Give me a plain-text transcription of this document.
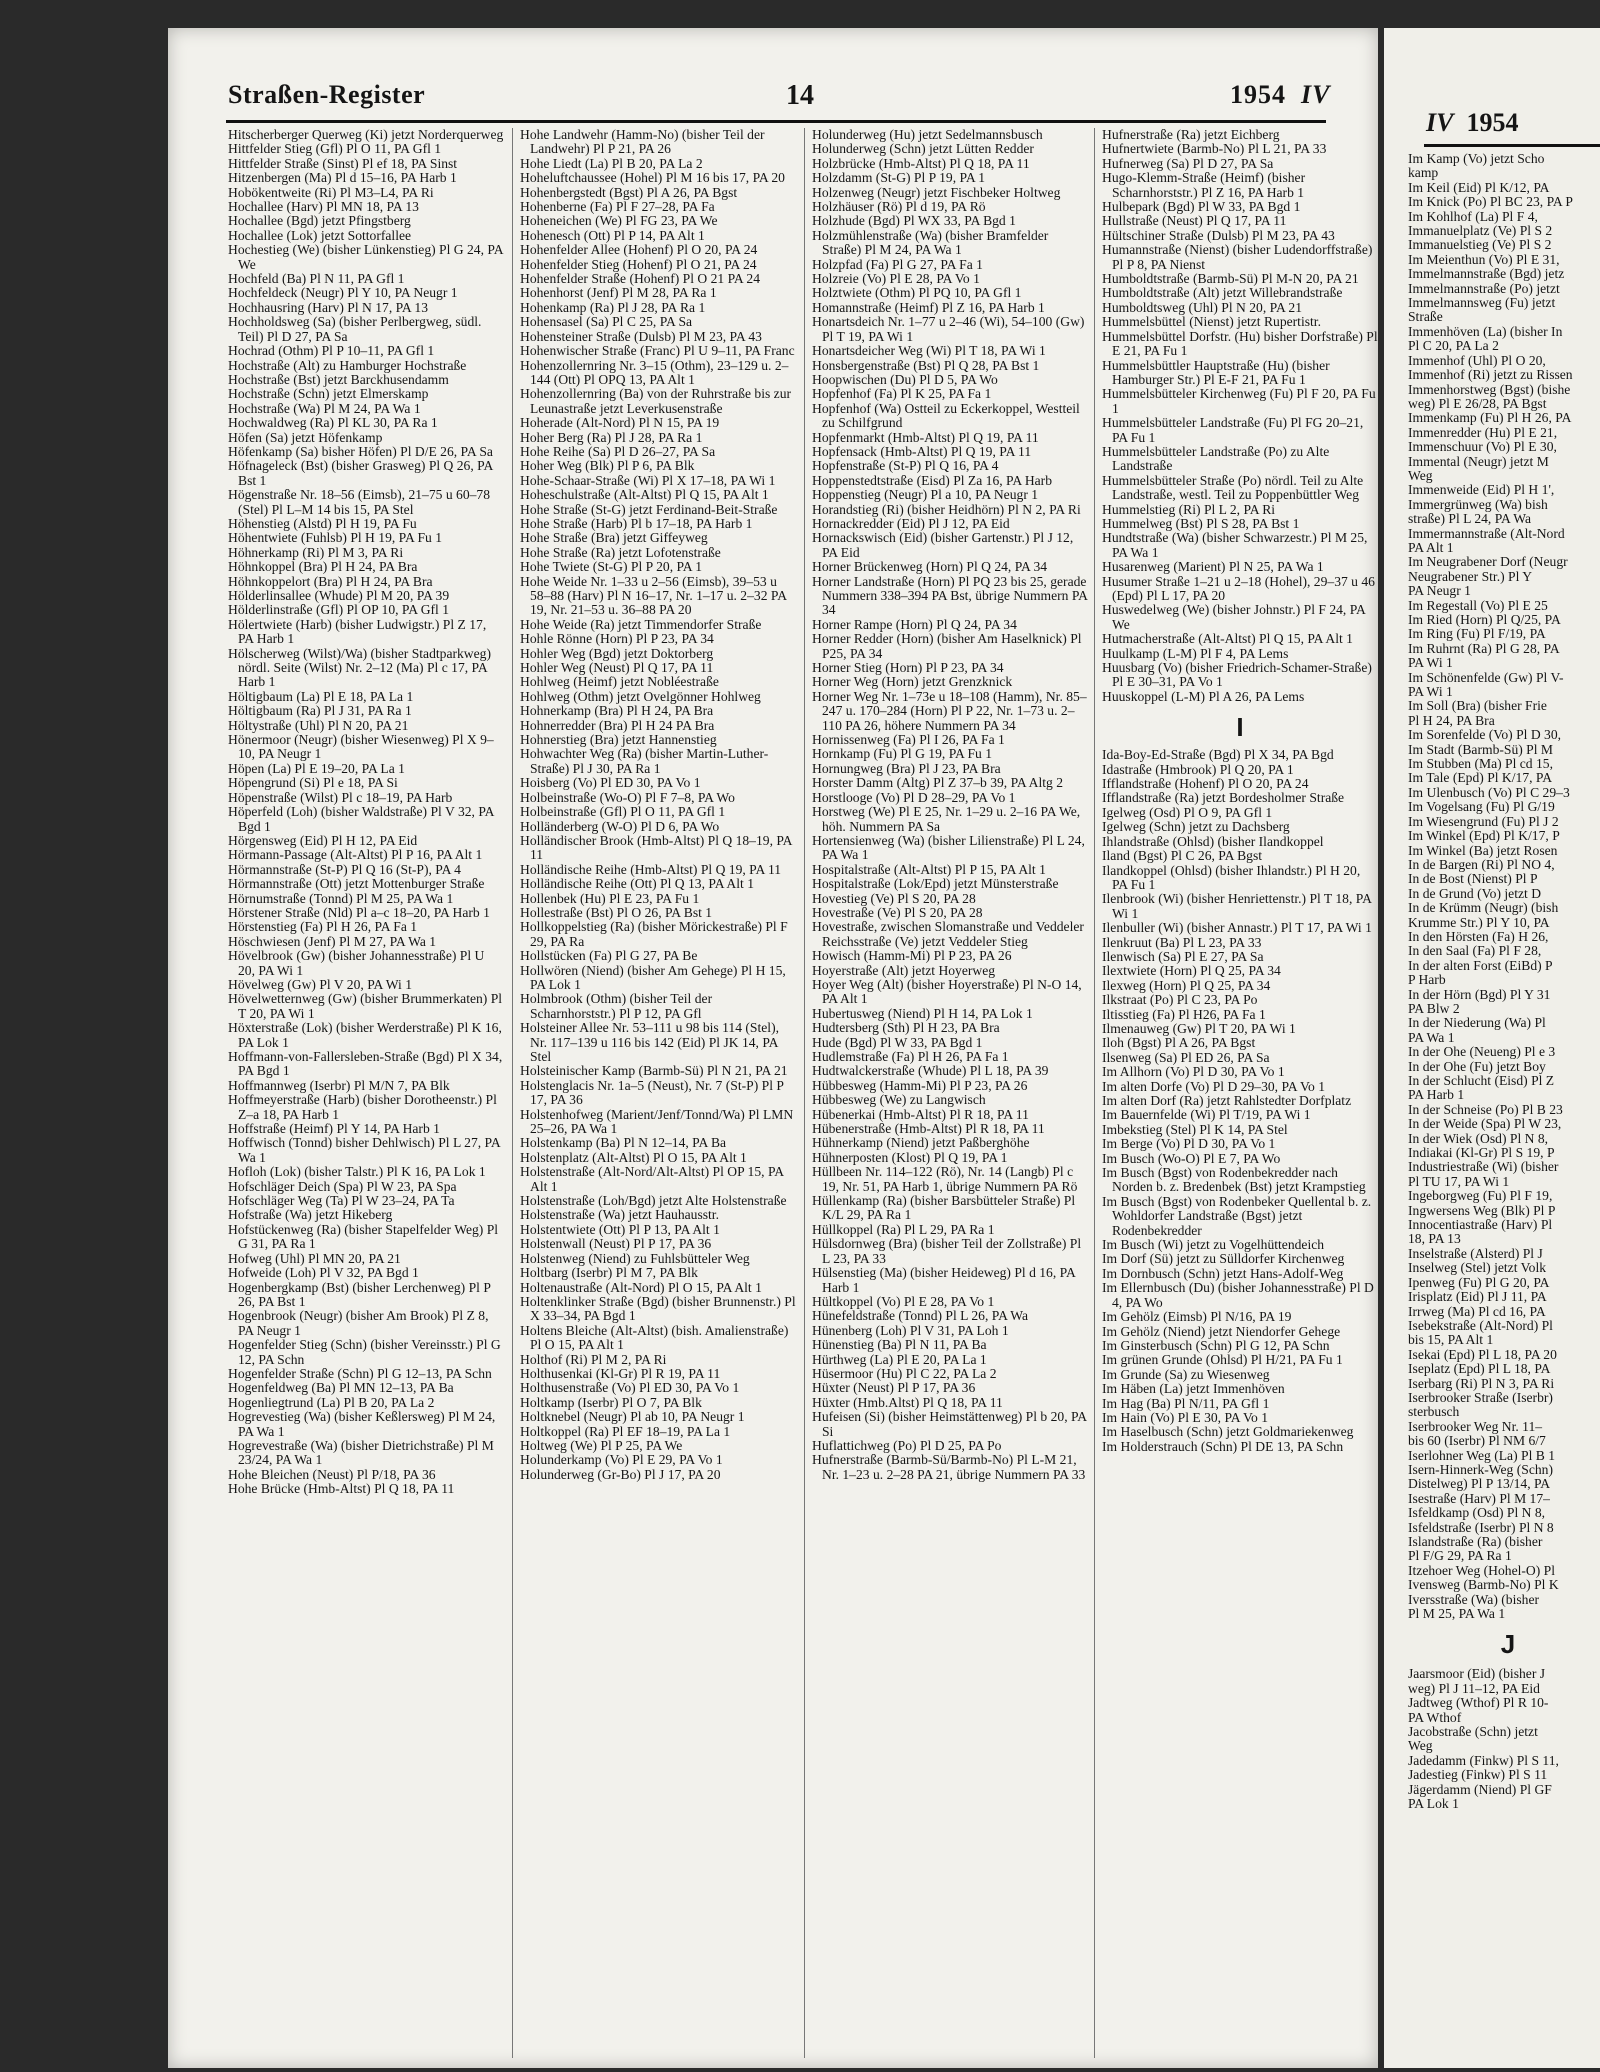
Straßen-Register	14	1954 IV
Hitscherberger Querweg (Ki) jetzt Norderquerweg
Hittfelder Stieg (Gfl) Pl O 11, PA Gfl 1
Hittfelder Straße (Sinst) Pl ef 18, PA Sinst
Hitzenbergen (Ma) Pl d 15–16, PA Harb 1
Hobökentweite (Ri) Pl M3–L4, PA Ri
Hochallee (Harv) Pl MN 18, PA 13
Hochallee (Bgd) jetzt Pfingstberg
Hochallee (Lok) jetzt Sottorfallee
Hochestieg (We) (bisher Lünkenstieg) Pl G 24, PA We
Hochfeld (Ba) Pl N 11, PA Gfl 1
Hochfeldeck (Neugr) Pl Y 10, PA Neugr 1
Hochhausring (Harv) Pl N 17, PA 13
Hochholdsweg (Sa) (bisher Perlbergweg, südl. Teil) Pl D 27, PA Sa
Hochrad (Othm) Pl P 10–11, PA Gfl 1
Hochstraße (Alt) zu Hamburger Hochstraße
Hochstraße (Bst) jetzt Barckhusendamm
Hochstraße (Schn) jetzt Elmerskamp
Hochstraße (Wa) Pl M 24, PA Wa 1
Hochwaldweg (Ra) Pl KL 30, PA Ra 1
Höfen (Sa) jetzt Höfenkamp
Höfenkamp (Sa) bisher Höfen) Pl D/E 26, PA Sa
Höfnageleck (Bst) (bisher Grasweg) Pl Q 26, PA Bst 1
Högenstraße Nr. 18–56 (Eimsb), 21–75 u 60–78 (Stel) Pl L–M 14 bis 15, PA Stel
Höhenstieg (Alstd) Pl H 19, PA Fu
Höhentwiete (Fuhlsb) Pl H 19, PA Fu 1
Höhnerkamp (Ri) Pl M 3, PA Ri
Höhnkoppel (Bra) Pl H 24, PA Bra
Höhnkoppelort (Bra) Pl H 24, PA Bra
Hölderlinsallee (Whude) Pl M 20, PA 39
Hölderlinstraße (Gfl) Pl OP 10, PA Gfl 1
Hölertwiete (Harb) (bisher Ludwigstr.) Pl Z 17, PA Harb 1
Hölscherweg (Wilst)/Wa) (bisher Stadtparkweg) nördl. Seite (Wilst) Nr. 2–12 (Ma) Pl c 17, PA Harb 1
Höltigbaum (La) Pl E 18, PA La 1
Höltigbaum (Ra) Pl J 31, PA Ra 1
Höltystraße (Uhl) Pl N 20, PA 21
Hönermoor (Neugr) (bisher Wiesenweg) Pl X 9–10, PA Neugr 1
Höpen (La) Pl E 19–20, PA La 1
Höpengrund (Si) Pl e 18, PA Si
Höpenstraße (Wilst) Pl c 18–19, PA Harb
Höperfeld (Loh) (bisher Waldstraße) Pl V 32, PA Bgd 1
Hörgensweg (Eid) Pl H 12, PA Eid
Hörmann-Passage (Alt-Altst) Pl P 16, PA Alt 1
Hörmannstraße (St-P) Pl Q 16 (St-P), PA 4
Hörmannstraße (Ott) jetzt Mottenburger Straße
Hörnumstraße (Tonnd) Pl M 25, PA Wa 1
Hörstener Straße (Nld) Pl a–c 18–20, PA Harb 1
Hörstenstieg (Fa) Pl H 26, PA Fa 1
Höschwiesen (Jenf) Pl M 27, PA Wa 1
Hövelbrook (Gw) (bisher Johannesstraße) Pl U 20, PA Wi 1
Hövelweg (Gw) Pl V 20, PA Wi 1
Hövelwetternweg (Gw) (bisher Brummerkaten) Pl T 20, PA Wi 1
Höxterstraße (Lok) (bisher Werderstraße) Pl K 16, PA Lok 1
Hoffmann-von-Fallersleben-Straße (Bgd) Pl X 34, PA Bgd 1
Hoffmannweg (Iserbr) Pl M/N 7, PA Blk
Hoffmeyerstraße (Harb) (bisher Dorotheenstr.) Pl Z–a 18, PA Harb 1
Hoffstraße (Heimf) Pl Y 14, PA Harb 1
Hoffwisch (Tonnd) bisher Dehlwisch) Pl L 27, PA Wa 1
Hofloh (Lok) (bisher Talstr.) Pl K 16, PA Lok 1
Hofschläger Deich (Spa) Pl W 23, PA Spa
Hofschläger Weg (Ta) Pl W 23–24, PA Ta
Hofstraße (Wa) jetzt Hikeberg
Hofstückenweg (Ra) (bisher Stapelfelder Weg) Pl G 31, PA Ra 1
Hofweg (Uhl) Pl MN 20, PA 21
Hofweide (Loh) Pl V 32, PA Bgd 1
Hogenbergkamp (Bst) (bisher Lerchenweg) Pl P 26, PA Bst 1
Hogenbrook (Neugr) (bisher Am Brook) Pl Z 8, PA Neugr 1
Hogenfelder Stieg (Schn) (bisher Vereinsstr.) Pl G 12, PA Schn
Hogenfelder Straße (Schn) Pl G 12–13, PA Schn
Hogenfeldweg (Ba) Pl MN 12–13, PA Ba
Hogenliegtrund (La) Pl B 20, PA La 2
Hogrevestieg (Wa) (bisher Keßlersweg) Pl M 24, PA Wa 1
Hogrevestraße (Wa) (bisher Dietrichstraße) Pl M 23/24, PA Wa 1
Hohe Bleichen (Neust) Pl P/18, PA 36
Hohe Brücke (Hmb-Altst) Pl Q 18, PA 11
Hohe Landwehr (Hamm-No) (bisher Teil der Landwehr) Pl P 21, PA 26
Hohe Liedt (La) Pl B 20, PA La 2
Hoheluftchaussee (Hohel) Pl M 16 bis 17, PA 20
Hohenbergstedt (Bgst) Pl A 26, PA Bgst
Hohenberne (Fa) Pl F 27–28, PA Fa
Hoheneichen (We) Pl FG 23, PA We
Hohenesch (Ott) Pl P 14, PA Alt 1
Hohenfelder Allee (Hohenf) Pl O 20, PA 24
Hohenfelder Stieg (Hohenf) Pl O 21, PA 24
Hohenfelder Straße (Hohenf) Pl O 21 PA 24
Hohenhorst (Jenf) Pl M 28, PA Ra 1
Hohenkamp (Ra) Pl J 28, PA Ra 1
Hohensasel (Sa) Pl C 25, PA Sa
Hohensteiner Straße (Dulsb) Pl M 23, PA 43
Hohenwischer Straße (Franc) Pl U 9–11, PA Franc
Hohenzollernring Nr. 3–15 (Othm), 23–129 u. 2–144 (Ott) Pl OPQ 13, PA Alt 1
Hohenzollernring (Ba) von der Ruhrstraße bis zur Leunastraße jetzt Leverkusenstraße
Hoherade (Alt-Nord) Pl N 15, PA 19
Hoher Berg (Ra) Pl J 28, PA Ra 1
Hohe Reihe (Sa) Pl D 26–27, PA Sa
Hoher Weg (Blk) Pl P 6, PA Blk
Hohe-Schaar-Straße (Wi) Pl X 17–18, PA Wi 1
Hoheschulstraße (Alt-Altst) Pl Q 15, PA Alt 1
Hohe Straße (St-G) jetzt Ferdinand-Beit-Straße
Hohe Straße (Harb) Pl b 17–18, PA Harb 1
Hohe Straße (Bra) jetzt Giffeyweg
Hohe Straße (Ra) jetzt Lofotenstraße
Hohe Twiete (St-G) Pl P 20, PA 1
Hohe Weide Nr. 1–33 u 2–56 (Eimsb), 39–53 u 58–88 (Harv) Pl N 16–17, Nr. 1–17 u. 2–32 PA 19, Nr. 21–53 u. 36–88 PA 20
Hohe Weide (Ra) jetzt Timmendorfer Straße
Hohle Rönne (Horn) Pl P 23, PA 34
Hohler Weg (Bgd) jetzt Doktorberg
Hohler Weg (Neust) Pl Q 17, PA 11
Hohlweg (Heimf) jetzt Nobléestraße
Hohlweg (Othm) jetzt Ovelgönner Hohlweg
Hohnerkamp (Bra) Pl H 24, PA Bra
Hohnerredder (Bra) Pl H 24 PA Bra
Hohnerstieg (Bra) jetzt Hannenstieg
Hohwachter Weg (Ra) (bisher Martin-Luther-Straße) Pl J 30, PA Ra 1
Hoisberg (Vo) Pl ED 30, PA Vo 1
Holbeinstraße (Wo-O) Pl F 7–8, PA Wo
Holbeinstraße (Gfl) Pl O 11, PA Gfl 1
Holländerberg (W-O) Pl D 6, PA Wo
Holländischer Brook (Hmb-Altst) Pl Q 18–19, PA 11
Holländische Reihe (Hmb-Altst) Pl Q 19, PA 11
Holländische Reihe (Ott) Pl Q 13, PA Alt 1
Hollenbek (Hu) Pl E 23, PA Fu 1
Hollestraße (Bst) Pl O 26, PA Bst 1
Hollkoppelstieg (Ra) (bisher Mörickestraße) Pl F 29, PA Ra
Hollstücken (Fa) Pl G 27, PA Be
Hollwören (Niend) (bisher Am Gehege) Pl H 15, PA Lok 1
Holmbrook (Othm) (bisher Teil der Scharnhorststr.) Pl P 12, PA Gfl
Holsteiner Allee Nr. 53–111 u 98 bis 114 (Stel), Nr. 117–139 u 116 bis 142 (Eid) Pl JK 14, PA Stel
Holsteinischer Kamp (Barmb-Sü) Pl N 21, PA 21
Holstenglacis Nr. 1a–5 (Neust), Nr. 7 (St-P) Pl P 17, PA 36
Holstenhofweg (Marient/Jenf/Tonnd/Wa) Pl LMN 25–26, PA Wa 1
Holstenkamp (Ba) Pl N 12–14, PA Ba
Holstenplatz (Alt-Altst) Pl O 15, PA Alt 1
Holstenstraße (Alt-Nord/Alt-Altst) Pl OP 15, PA Alt 1
Holstenstraße (Loh/Bgd) jetzt Alte Holstenstraße
Holstenstraße (Wa) jetzt Hauhausstr.
Holstentwiete (Ott) Pl P 13, PA Alt 1
Holstenwall (Neust) Pl P 17, PA 36
Holstenweg (Niend) zu Fuhlsbütteler Weg
Holtbarg (Iserbr) Pl M 7, PA Blk
Holtenaustraße (Alt-Nord) Pl O 15, PA Alt 1
Holtenklinker Straße (Bgd) (bisher Brunnenstr.) Pl X 33–34, PA Bgd 1
Holtens Bleiche (Alt-Altst) (bish. Amalienstraße) Pl O 15, PA Alt 1
Holthof (Ri) Pl M 2, PA Ri
Holthusenkai (Kl-Gr) Pl R 19, PA 11
Holthusenstraße (Vo) Pl ED 30, PA Vo 1
Holtkamp (Iserbr) Pl O 7, PA Blk
Holtknebel (Neugr) Pl ab 10, PA Neugr 1
Holtkoppel (Ra) Pl EF 18–19, PA La 1
Holtweg (We) Pl P 25, PA We
Holunderkamp (Vo) Pl E 29, PA Vo 1
Holunderweg (Gr-Bo) Pl J 17, PA 20
Holunderweg (Hu) jetzt Sedelmannsbusch
Holunderweg (Schn) jetzt Lütten Redder
Holzbrücke (Hmb-Altst) Pl Q 18, PA 11
Holzdamm (St-G) Pl P 19, PA 1
Holzenweg (Neugr) jetzt Fischbeker Holtweg
Holzhäuser (Rö) Pl d 19, PA Rö
Holzhude (Bgd) Pl WX 33, PA Bgd 1
Holzmühlenstraße (Wa) (bisher Bramfelder Straße) Pl M 24, PA Wa 1
Holzpfad (Fa) Pl G 27, PA Fa 1
Holzreie (Vo) Pl E 28, PA Vo 1
Holztwiete (Othm) Pl PQ 10, PA Gfl 1
Homannstraße (Heimf) Pl Z 16, PA Harb 1
Honartsdeich Nr. 1–77 u 2–46 (Wi), 54–100 (Gw) Pl T 19, PA Wi 1
Honartsdeicher Weg (Wi) Pl T 18, PA Wi 1
Honsbergenstraße (Bst) Pl Q 28, PA Bst 1
Hoopwischen (Du) Pl D 5, PA Wo
Hopfenhof (Fa) Pl K 25, PA Fa 1
Hopfenhof (Wa) Ostteil zu Eckerkoppel, Westteil zu Schilfgrund
Hopfenmarkt (Hmb-Altst) Pl Q 19, PA 11
Hopfensack (Hmb-Altst) Pl Q 19, PA 11
Hopfenstraße (St-P) Pl Q 16, PA 4
Hoppenstedtstraße (Eisd) Pl Za 16, PA Harb
Hoppenstieg (Neugr) Pl a 10, PA Neugr 1
Horandstieg (Ri) (bisher Heidhörn) Pl N 2, PA Ri
Hornackredder (Eid) Pl J 12, PA Eid
Hornackswisch (Eid) (bisher Gartenstr.) Pl J 12, PA Eid
Horner Brückenweg (Horn) Pl Q 24, PA 34
Horner Landstraße (Horn) Pl PQ 23 bis 25, gerade Nummern 338–394 PA Bst, übrige Nummern PA 34
Horner Rampe (Horn) Pl Q 24, PA 34
Horner Redder (Horn) (bisher Am Haselknick) Pl P25, PA 34
Horner Stieg (Horn) Pl P 23, PA 34
Horner Weg (Horn) jetzt Grenzknick
Horner Weg Nr. 1–73e u 18–108 (Hamm), Nr. 85–247 u. 170–284 (Horn) Pl P 22, Nr. 1–73 u. 2–110 PA 26, höhere Nummern PA 34
Hornissenweg (Fa) Pl I 26, PA Fa 1
Hornkamp (Fu) Pl G 19, PA Fu 1
Hornungweg (Bra) Pl J 23, PA Bra
Horster Damm (Altg) Pl Z 37–b 39, PA Altg 2
Horstlooge (Vo) Pl D 28–29, PA Vo 1
Horstweg (We) Pl E 25, Nr. 1–29 u. 2–16 PA We, höh. Nummern PA Sa
Hortensienweg (Wa) (bisher Lilienstraße) Pl L 24, PA Wa 1
Hospitalstraße (Alt-Altst) Pl P 15, PA Alt 1
Hospitalstraße (Lok/Epd) jetzt Münsterstraße
Hovestieg (Ve) Pl S 20, PA 28
Hovestraße (Ve) Pl S 20, PA 28
Hovestraße, zwischen Slomanstraße und Veddeler Reichsstraße (Ve) jetzt Veddeler Stieg
Howisch (Hamm-Mi) Pl P 23, PA 26
Hoyerstraße (Alt) jetzt Hoyerweg
Hoyer Weg (Alt) (bisher Hoyerstraße) Pl N-O 14, PA Alt 1
Hubertusweg (Niend) Pl H 14, PA Lok 1
Hudtersberg (Sth) Pl H 23, PA Bra
Hude (Bgd) Pl W 33, PA Bgd 1
Hudlemstraße (Fa) Pl H 26, PA Fa 1
Hudtwalckerstraße (Whude) Pl L 18, PA 39
Hübbesweg (Hamm-Mi) Pl P 23, PA 26
Hübbesweg (We) zu Langwisch
Hübenerkai (Hmb-Altst) Pl R 18, PA 11
Hübenerstraße (Hmb-Altst) Pl R 18, PA 11
Hühnerkamp (Niend) jetzt Paßberghöhe
Hühnerposten (Klost) Pl Q 19, PA 1
Hüllbeen Nr. 114–122 (Rö), Nr. 14 (Langb) Pl c 19, Nr. 51, PA Harb 1, übrige Nummern PA Rö
Hüllenkamp (Ra) (bisher Barsbütteler Straße) Pl K/L 29, PA Ra 1
Hüllkoppel (Ra) Pl L 29, PA Ra 1
Hülsdornweg (Bra) (bisher Teil der Zollstraße) Pl L 23, PA 33
Hülsenstieg (Ma) (bisher Heideweg) Pl d 16, PA Harb 1
Hültkoppel (Vo) Pl E 28, PA Vo 1
Hünefeldstraße (Tonnd) Pl L 26, PA Wa
Hünenberg (Loh) Pl V 31, PA Loh 1
Hünenstieg (Ba) Pl N 11, PA Ba
Hürthweg (La) Pl E 20, PA La 1
Hüsermoor (Hu) Pl C 22, PA La 2
Hüxter (Neust) Pl P 17, PA 36
Hüxter (Hmb.Altst) Pl Q 18, PA 11
Hufeisen (Si) (bisher Heimstättenweg) Pl b 20, PA Si
Huflattichweg (Po) Pl D 25, PA Po
Hufnerstraße (Barmb-Sü/Barmb-No) Pl L-M 21, Nr. 1–23 u. 2–28 PA 21, übrige Nummern PA 33
Hufnerstraße (Ra) jetzt Eichberg
Hufnertwiete (Barmb-No) Pl L 21, PA 33
Hufnerweg (Sa) Pl D 27, PA Sa
Hugo-Klemm-Straße (Heimf) (bisher Scharnhorststr.) Pl Z 16, PA Harb 1
Hulbepark (Bgd) Pl W 33, PA Bgd 1
Hullstraße (Neust) Pl Q 17, PA 11
Hültschiner Straße (Dulsb) Pl M 23, PA 43
Humannstraße (Nienst) (bisher Ludendorffstraße) Pl P 8, PA Nienst
Humboldtstraße (Barmb-Sü) Pl M-N 20, PA 21
Humboldtstraße (Alt) jetzt Willebrandstraße
Humboldtsweg (Uhl) Pl N 20, PA 21
Hummelsbüttel (Nienst) jetzt Rupertistr.
Hummelsbüttel Dorfstr. (Hu) bisher Dorfstraße) Pl E 21, PA Fu 1
Hummelsbüttler Hauptstraße (Hu) (bisher Hamburger Str.) Pl E-F 21, PA Fu 1
Hummelsbütteler Kirchenweg (Fu) Pl F 20, PA Fu 1
Hummelsbütteler Landstraße (Fu) Pl FG 20–21, PA Fu 1
Hummelsbütteler Landstraße (Po) zu Alte Landstraße
Hummelsbütteler Straße (Po) nördl. Teil zu Alte Landstraße, westl. Teil zu Poppenbüttler Weg
Hummelstieg (Ri) Pl L 2, PA Ri
Hummelweg (Bst) Pl S 28, PA Bst 1
Hundtstraße (Wa) (bisher Schwarzestr.) Pl M 25, PA Wa 1
Husarenweg (Marient) Pl N 25, PA Wa 1
Husumer Straße 1–21 u 2–18 (Hohel), 29–37 u 46 (Epd) Pl L 17, PA 20
Huswedelweg (We) (bisher Johnstr.) Pl F 24, PA We
Hutmacherstraße (Alt-Altst) Pl Q 15, PA Alt 1
Huulkamp (L-M) Pl F 4, PA Lems
Huusbarg (Vo) (bisher Friedrich-Schamer-Straße) Pl E 30–31, PA Vo 1
Huuskoppel (L-M) Pl A 26, PA Lems
I
Ida-Boy-Ed-Straße (Bgd) Pl X 34, PA Bgd
Idastraße (Hmbrook) Pl Q 20, PA 1
Ifflandstraße (Hohenf) Pl O 20, PA 24
Ifflandstraße (Ra) jetzt Bordesholmer Straße
Igelweg (Osd) Pl O 9, PA Gfl 1
Igelweg (Schn) jetzt zu Dachsberg
Ihlandstraße (Ohlsd) (bisher Ilandkoppel
Iland (Bgst) Pl C 26, PA Bgst
Ilandkoppel (Ohlsd) (bisher Ihlandstr.) Pl H 20, PA Fu 1
Ilenbrook (Wi) (bisher Henriettenstr.) Pl T 18, PA Wi 1
Ilenbuller (Wi) (bisher Annastr.) Pl T 17, PA Wi 1
Ilenkruut (Ba) Pl L 23, PA 33
Ilenwisch (Sa) Pl E 27, PA Sa
Ilextwiete (Horn) Pl Q 25, PA 34
Ilexweg (Horn) Pl Q 25, PA 34
Ilkstraat (Po) Pl C 23, PA Po
Iltisstieg (Fa) Pl H26, PA Fa 1
Ilmenauweg (Gw) Pl T 20, PA Wi 1
Iloh (Bgst) Pl A 26, PA Bgst
Ilsenweg (Sa) Pl ED 26, PA Sa
Im Allhorn (Vo) Pl D 30, PA Vo 1
Im alten Dorfe (Vo) Pl D 29–30, PA Vo 1
Im alten Dorf (Ra) jetzt Rahlstedter Dorfplatz
Im Bauernfelde (Wi) Pl T/19, PA Wi 1
Imbekstieg (Stel) Pl K 14, PA Stel
Im Berge (Vo) Pl D 30, PA Vo 1
Im Busch (Wo-O) Pl E 7, PA Wo
Im Busch (Bgst) von Rodenbekredder nach Norden b. z. Bredenbek (Bst) jetzt Krampstieg
Im Busch (Bgst) von Rodenbeker Quellental b. z. Wohldorfer Landstraße (Bgst) jetzt Rodenbekredder
Im Busch (Wi) jetzt zu Vogelhüttendeich
Im Dorf (Sü) jetzt zu Sülldorfer Kirchenweg
Im Dornbusch (Schn) jetzt Hans-Adolf-Weg
Im Ellernbusch (Du) (bisher Johannesstraße) Pl D 4, PA Wo
Im Gehölz (Eimsb) Pl N/16, PA 19
Im Gehölz (Niend) jetzt Niendorfer Gehege
Im Ginsterbusch (Schn) Pl G 12, PA Schn
Im grünen Grunde (Ohlsd) Pl H/21, PA Fu 1
Im Grunde (Sa) zu Wiesenweg
Im Häben (La) jetzt Immenhöven
Im Hag (Ba) Pl N/11, PA Gfl 1
Im Hain (Vo) Pl E 30, PA Vo 1
Im Haselbusch (Schn) jetzt Goldmariekenweg
Im Holderstrauch (Schn) Pl DE 13, PA Schn
IV 1954
Im Kamp (Vo) jetzt Scho
kamp
Im Keil (Eid) Pl K/12, PA
Im Knick (Po) Pl BC 23, PA P
Im Kohlhof (La) Pl F 4,
Immanuelplatz (Ve) Pl S 2
Immanuelstieg (Ve) Pl S 2
Im Meienthun (Vo) Pl E 31,
Immelmannstraße (Bgd) jetz
Immelmannstraße (Po) jetzt
Immelmannsweg (Fu) jetzt
Straße
Immenhöven (La) (bisher In
Pl C 20, PA La 2
Immenhof (Uhl) Pl O 20,
Immenhof (Ri) jetzt zu Rissen
Immenhorstweg (Bgst) (bishe
weg) Pl E 26/28, PA Bgst
Immenkamp (Fu) Pl H 26, PA
Immenredder (Hu) Pl E 21,
Immenschuur (Vo) Pl E 30,
Immental (Neugr) jetzt M
Weg
Immenweide (Eid) Pl H 1',
Immergrünweg (Wa) bish
straße) Pl L 24, PA Wa
Immermannstraße (Alt-Nord
PA Alt 1
Im Neugrabener Dorf (Neugr
Neugrabener Str.) Pl Y
PA Neugr 1
Im Regestall (Vo) Pl E 25
Im Ried (Horn) Pl Q/25, PA
Im Ring (Fu) Pl F/19, PA
Im Ruhrnt (Ra) Pl G 28, PA
PA Wi 1
Im Schönenfelde (Gw) Pl V-
PA Wi 1
Im Soll (Bra) (bisher Frie
Pl H 24, PA Bra
Im Sorenfelde (Vo) Pl D 30,
Im Stadt (Barmb-Sü) Pl M
Im Stubben (Ma) Pl cd 15,
Im Tale (Epd) Pl K/17, PA
Im Ulenbusch (Vo) Pl C 29–3
Im Vogelsang (Fu) Pl G/19
Im Wiesengrund (Fu) Pl J 2
Im Winkel (Epd) Pl K/17, P
Im Winkel (Ba) jetzt Rosen
In de Bargen (Ri) Pl NO 4,
In de Bost (Nienst) Pl P
In de Grund (Vo) jetzt D
In de Krümm (Neugr) (bish
Krumme Str.) Pl Y 10, PA
In den Hörsten (Fa) H 26,
In den Saal (Fa) Pl F 28,
In der alten Forst (EiBd) P
P Harb
In der Hörn (Bgd) Pl Y 31
PA Blw 2
In der Niederung (Wa) Pl
PA Wa 1
In der Ohe (Neueng) Pl e 3
In der Ohe (Fu) jetzt Boy
In der Schlucht (Eisd) Pl Z
PA Harb 1
In der Schneise (Po) Pl B 23
In der Weide (Spa) Pl W 23,
In der Wiek (Osd) Pl N 8,
Indiakai (Kl-Gr) Pl S 19, P
Industriestraße (Wi) (bisher
Pl TU 17, PA Wi 1
Ingeborgweg (Fu) Pl F 19,
Ingwersens Weg (Blk) Pl P
Innocentiastraße (Harv) Pl
18, PA 13
Inselstraße (Alsterd) Pl J
Inselweg (Stel) jetzt Volk
Ipenweg (Fu) Pl G 20, PA
Irisplatz (Eid) Pl J 11, PA
Irrweg (Ma) Pl cd 16, PA
Isebekstraße (Alt-Nord) Pl
bis 15, PA Alt 1
Isekai (Epd) Pl L 18, PA 20
Iseplatz (Epd) Pl L 18, PA
Iserbarg (Ri) Pl N 3, PA Ri
Iserbrooker Straße (Iserbr)
sterbusch
Iserbrooker Weg Nr. 11–
bis 60 (Iserbr) Pl NM 6/7
Iserlohner Weg (La) Pl B 1
Isern-Hinnerk-Weg (Schn)
Distelweg) Pl P 13/14, PA
Isestraße (Harv) Pl M 17–
Isfeldkamp (Osd) Pl N 8,
Isfeldstraße (Iserbr) Pl N 8
Islandstraße (Ra) (bisher
Pl F/G 29, PA Ra 1
Itzehoer Weg (Hohel-O) Pl
Ivensweg (Barmb-No) Pl K
Iversstraße (Wa) (bisher
Pl M 25, PA Wa 1
J
Jaarsmoor (Eid) (bisher J
weg) Pl J 11–12, PA Eid
Jadtweg (Wthof) Pl R 10-
PA Wthof
Jacobstraße (Schn) jetzt
Weg
Jadedamm (Finkw) Pl S 11,
Jadestieg (Finkw) Pl S 11
Jägerdamm (Niend) Pl GF
PA Lok 1
